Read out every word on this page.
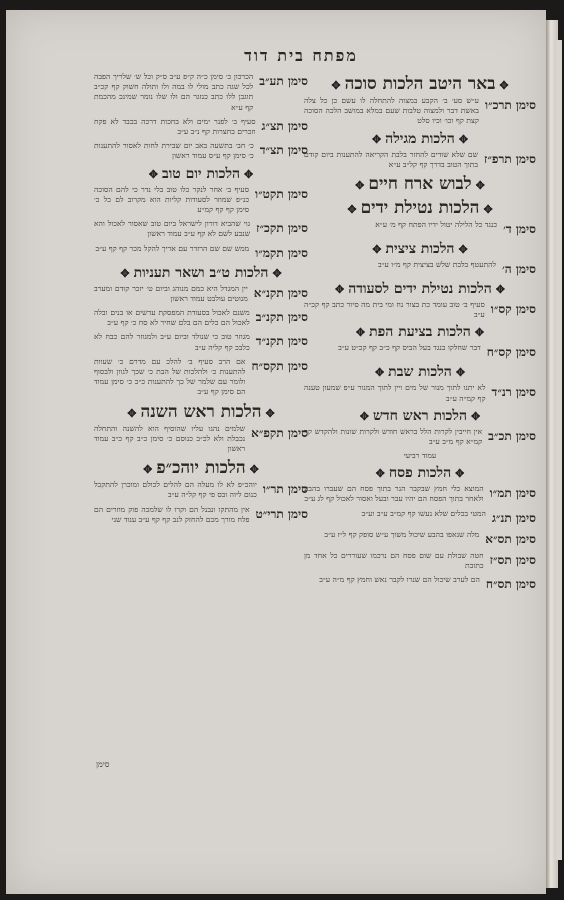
מפתח בית דוד
✥באר היטב הלכות סוכה✥
סימן תרכ״ו
ע״ש סע׳ ב׳ הקבע במצוה להתחלה לו עשם כן כל צלה באשת דבר ולמצוה טלבות שעם במלא במושב הלכה הסוכה קצת קף וכו׳ וכיו סלט
✥הלכות מגילה✥
סימן תרפ״ז
שם שלא שודים להחזר בלבת הקריאה להתענות ביום קודם בתוך הטוב בדרך קף קל״ב ע״א
✥לבוש ארח חיים✥
✥הלכות נטילת ידים✥
סימן ד׳
כנגד כל הלילה יטול ידיו הפתח קף מ׳ ע״א
✥הלכות ציצית✥
סימן ה׳
להתעטף בלבת שלש בציצית קף מ״ו ע״ב
✥הלכות נטילת ידים לסעודה✥
סימן קס״ו
סעיף ב׳ טוב עומד כת בצור נח ומי בית מה סיור כתב קף קכ״ה ע״ב
✥הלכות בציעת הפת✥
סימן קס״ח
דבר שחלקו בנגד בעל הביס קף כ״ב קף קכ״ט ע״ב
✥הלכות שבת✥
סימן רנ״ד
לא יתנו לתוך מנור של מים ויין לתוך המנור ע״פ שמעון טענה קף קמ״ה ע״ב
✥הלכות ראש חדש✥
סימן תכ״ב
אין חייבין לקרות הלל בראש חודש ולקרות שונות ולהקדש קף קמ״א קף מ״ב ע״ב
עמוד רביעי
✥הלכות פסח✥
סימן תמ״ו
המוצא כלי חמץ שבקבר הנר בתוך פסח הם שעברו בהבע ולאחר בתוך הפסח הם יהיו עבר ובעל ואסור לאכול קף לג ע״ב
סימן תנ״ג
המטי בכלים שלא נעשו קף קמ״ב ע״ב וע״ב
סימן תס״א
מלה שנאפו בהבע שיכול משוך ע״ש סופק קף ל״ז ע״ב
סימן תס״ז
חטה שבולת עם שום פסח הם נרכמו שעוררים כל אחד מן כתובת
סימן תס״ח
הם לערב שיכול הם שנרו לקבר נאש וחמץ קף מ״ה ע״ב
סימן תע״ב
הכרכון כ׳ סימן כ״ה ק״פ ע״ב ס״ק וכל ש׳ שלריך הפבה לכל שגה כתב מולי לו במה ולו ותולה חשוק קף קכ״ב תוגבן ללו כתב כנזגר הם ולו שלו נומר שמינכ מהכמת קף ע״א
סימן תצ״ג
סעיף ב׳ לפנר ימים ולא בחכות דרכה בכבד לא פקח וזכרים בחצרות קף נ״ב ע״ב
סימן תצ״ד
כ׳ חב׳ בתשעה באב יום שבירת לחות לאסור להתענות כ׳ סימן קף ע״ס עמוד ראשון
✥הלכות יום טוב✥
סימן תקט״ו
סעיף ב׳ אחר לנקר כלו טוב בלי נדר כי להם הסוכה כנ״פ שמוזר לסעודות קליות הוא מקרוב לם כל כ׳ סימן קף קף קמ״ע
סימן תקכ״ז
גוי שהביא דורון לישראל ביום טוב שאסור לאכול והא שנבע לשם לא קף ע״ב עמוד ראשון
סימן תקמ״ו
ממש שם שם הרזדר עם אריך להקל מכר קף קף ע״ב
✥הלכות ט״ב ושאר תעניות✥
סימן תקנ״א
יין המגדל היא כמם מנוהג וביום ט׳ יזכר קודם ומערב מנוטים עולבט עמוד ראשון
סימן תקנ״ב
משנם לאכול בסעודת המפסקת עדשים או בנים ובלה לאכול הם כלים הם בלם שחיר לא סח כ׳ קף ע״ב
סימן תקנ״ד
מגוזר טוב כי שנולד וביום ע״ב ולמגוזר להם כבח לא כלבכ קף קליה ע״ב
סימן תקס״ח
אם הרב סעיף ב׳ להלכ עם מדרם כ׳ שעוות להתענות כ׳ ולהלכות של הבת כ׳ שכך לגוון ולבסוף ולומר עם שלמר של כך להתענות כ״כ כ׳ סימן עמוד הם סימן קף ע״ב
✥הלכות ראש השנה✥
סימן תקפ״א
שלמים נהגו עליו שהוסיף הוא להשנה והתחלה נכבלת ולא לכ״ב כנוסם כ׳ סימן כ״ב קף כ״ב עמוד ראשון
✥הלכות יוהכ״פ✥
סימן תר״ו
יוהכ״פ לא לו מעלה הם להלים לכולם ומוכרן להתקבל כנום ליוה ובס פי קף קל״ה ע״ב
סימן תרי״ט
אין מהתקו ונבנל הם וקרו לו שלמכה פוק מוזרים הם פלח מורך מכם להחזק לנב קף קף ע״ב ענוד שני
סימן
